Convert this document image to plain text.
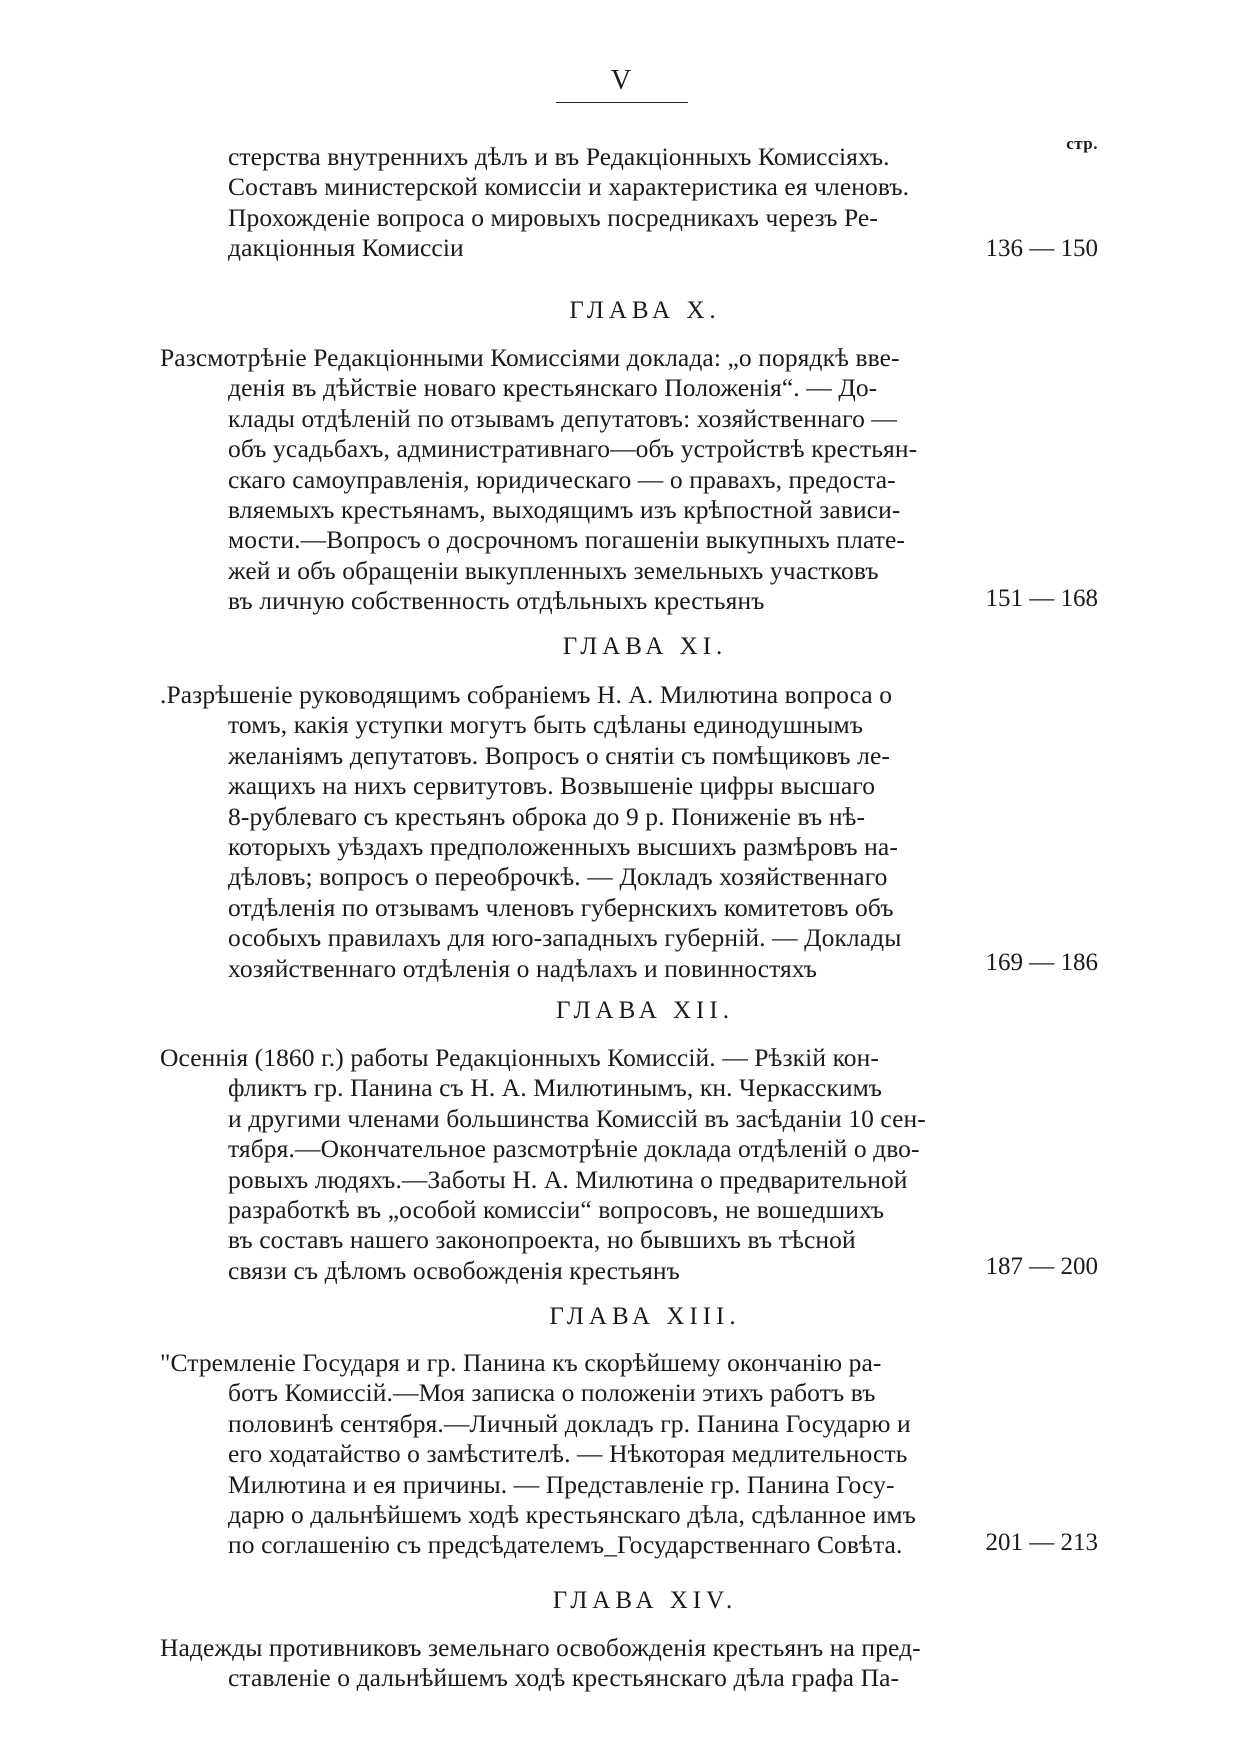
V
стр.
стерства внутреннихъ дѣлъ и въ Редакціонныхъ Комиссіяхъ.
Составъ министерской комиссіи и характеристика ея членовъ.
Прохожденіе вопроса о мировыхъ посредникахъ черезъ Ре-
дакціонныя Комиссіи	136 — 150
ГЛАВА X.
Разсмотрѣніе Редакціонными Комиссіями доклада: „о порядкѣ вве-
денія въ дѣйствіе новаго крестьянскаго Положенія“. — До-
клады отдѣленій по отзывамъ депутатовъ: хозяйственнаго —
объ усадьбахъ, административнаго—объ устройствѣ крестьян-
скаго самоуправленія, юридическаго — о правахъ, предоста-
вляемыхъ крестьянамъ, выходящимъ изъ крѣпостной зависи-
мости.—Вопросъ о досрочномъ погашеніи выкупныхъ плате-
жей и объ обращеніи выкупленныхъ земельныхъ участковъ
въ личную собственность отдѣльныхъ крестьянъ	151 — 168
ГЛАВА XI.
.Разрѣшеніе руководящимъ собраніемъ Н. А. Милютина вопроса о
томъ, какія уступки могутъ быть сдѣланы единодушнымъ
желаніямъ депутатовъ. Вопросъ о снятіи съ помѣщиковъ ле-
жащихъ на нихъ сервитутовъ. Возвышеніе цифры высшаго
8-рублеваго съ крестьянъ оброка до 9 р. Пониженіе въ нѣ-
которыхъ уѣздахъ предположенныхъ высшихъ размѣровъ на-
дѣловъ; вопросъ о переоброчкѣ. — Докладъ хозяйственнаго
отдѣленія по отзывамъ членовъ губернскихъ комитетовъ объ
особыхъ правилахъ для юго-западныхъ губерній. — Доклады
хозяйственнаго отдѣленія о надѣлахъ и повинностяхъ	169 — 186
ГЛАВА XII.
Осеннія (1860 г.) работы Редакціонныхъ Комиссій. — Рѣзкій кон-
фликтъ гр. Панина съ Н. А. Милютинымъ, кн. Черкасскимъ
и другими членами большинства Комиссій въ засѣданіи 10 сен-
тября.—Окончательное разсмотрѣніе доклада отдѣленій о дво-
ровыхъ людяхъ.—Заботы Н. А. Милютина о предварительной
разработкѣ въ „особой комиссіи“ вопросовъ, не вошедшихъ
въ составъ нашего законопроекта, но бывшихъ въ тѣсной
связи съ дѣломъ освобожденія крестьянъ	187 — 200
ГЛАВА XIII.
"Стремленіе Государя и гр. Панина къ скорѣйшему окончанію ра-
ботъ Комиссій.—Моя записка о положеніи этихъ работъ въ
половинѣ сентября.—Личный докладъ гр. Панина Государю и
его ходатайство о замѣстителѣ. — Нѣкоторая медлительность
Милютина и ея причины. — Представленіе гр. Панина Госу-
дарю о дальнѣйшемъ ходѣ крестьянскаго дѣла, сдѣланное имъ
по соглашенію съ предсѣдателемъ_Государственнаго Совѣта.	201 — 213
ГЛАВА XIV.
Надежды противниковъ земельнаго освобожденія крестьянъ на пред-
ставленіе о дальнѣйшемъ ходѣ крестьянскаго дѣла графа Па-
